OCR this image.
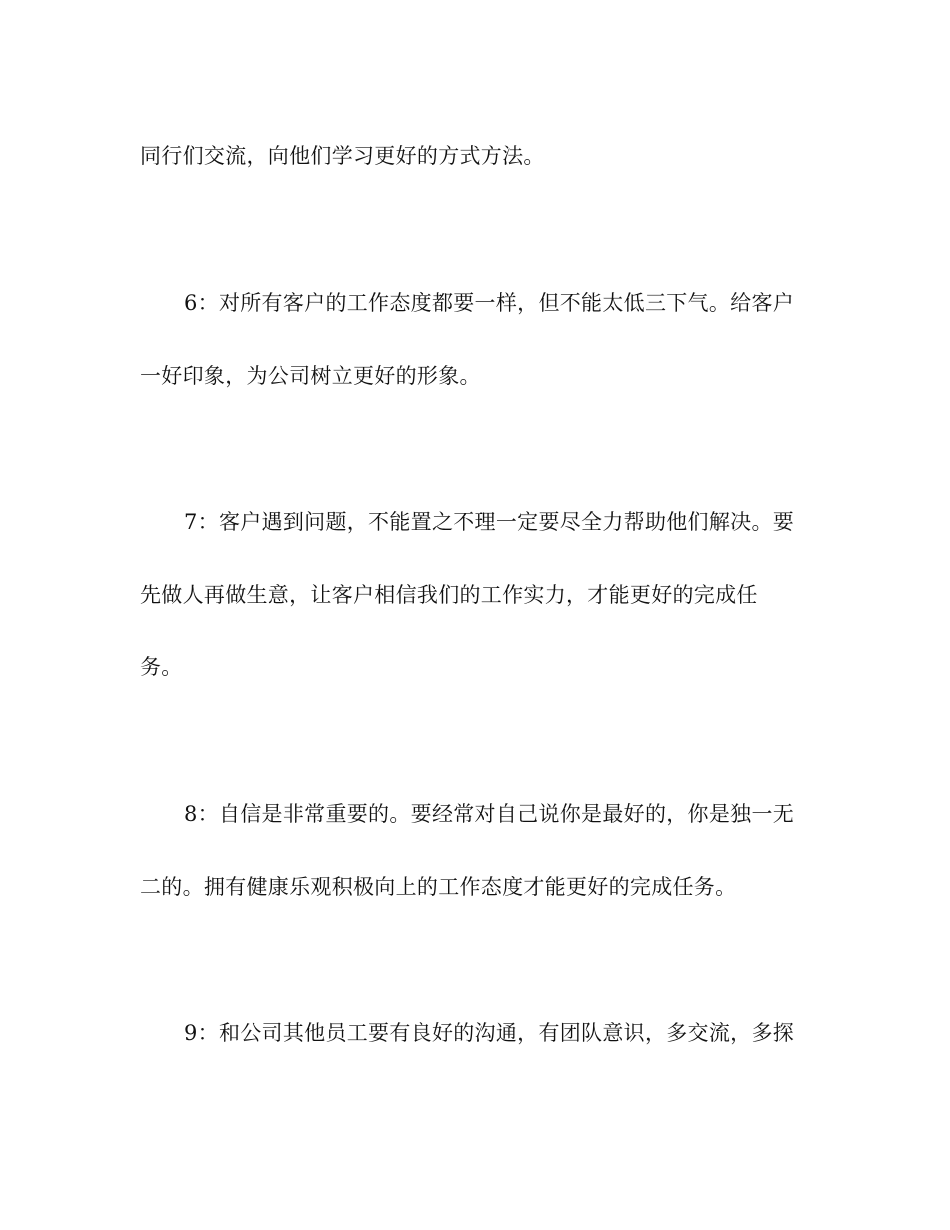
同行们交流，向他们学习更好的方式方法。
6：对所有客户的工作态度都要一样，但不能太低三下气。给客户
一好印象，为公司树立更好的形象。
7：客户遇到问题，不能置之不理一定要尽全力帮助他们解决。要
先做人再做生意，让客户相信我们的工作实力，才能更好的完成任
务。
8：自信是非常重要的。要经常对自己说你是最好的，你是独一无
二的。拥有健康乐观积极向上的工作态度才能更好的完成任务。
9：和公司其他员工要有良好的沟通，有团队意识，多交流，多探
